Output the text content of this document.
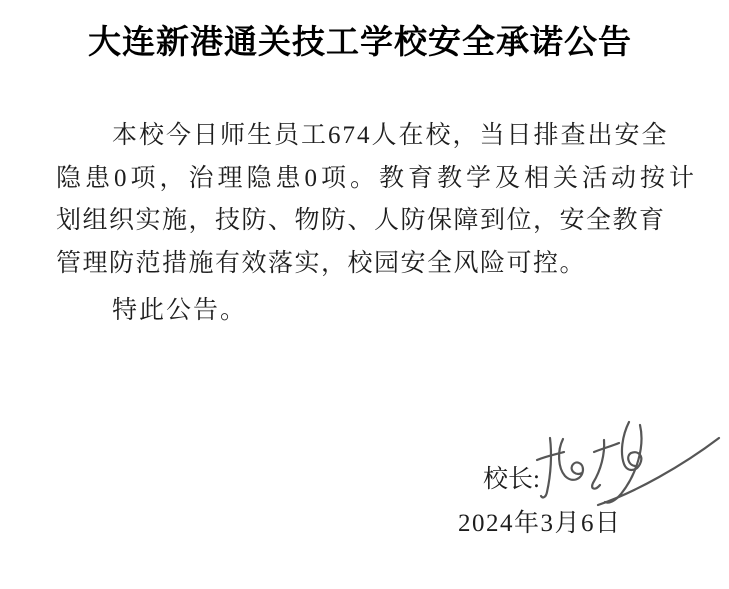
大连新港通关技工学校安全承诺公告
本校今日师生员工674人在校，当日排查出安全
隐患0项，治理隐患0项。教育教学及相关活动按计
划组织实施，技防、物防、人防保障到位，安全教育
管理防范措施有效落实，校园安全风险可控。
特此公告。
校长:
2024年3月6日
